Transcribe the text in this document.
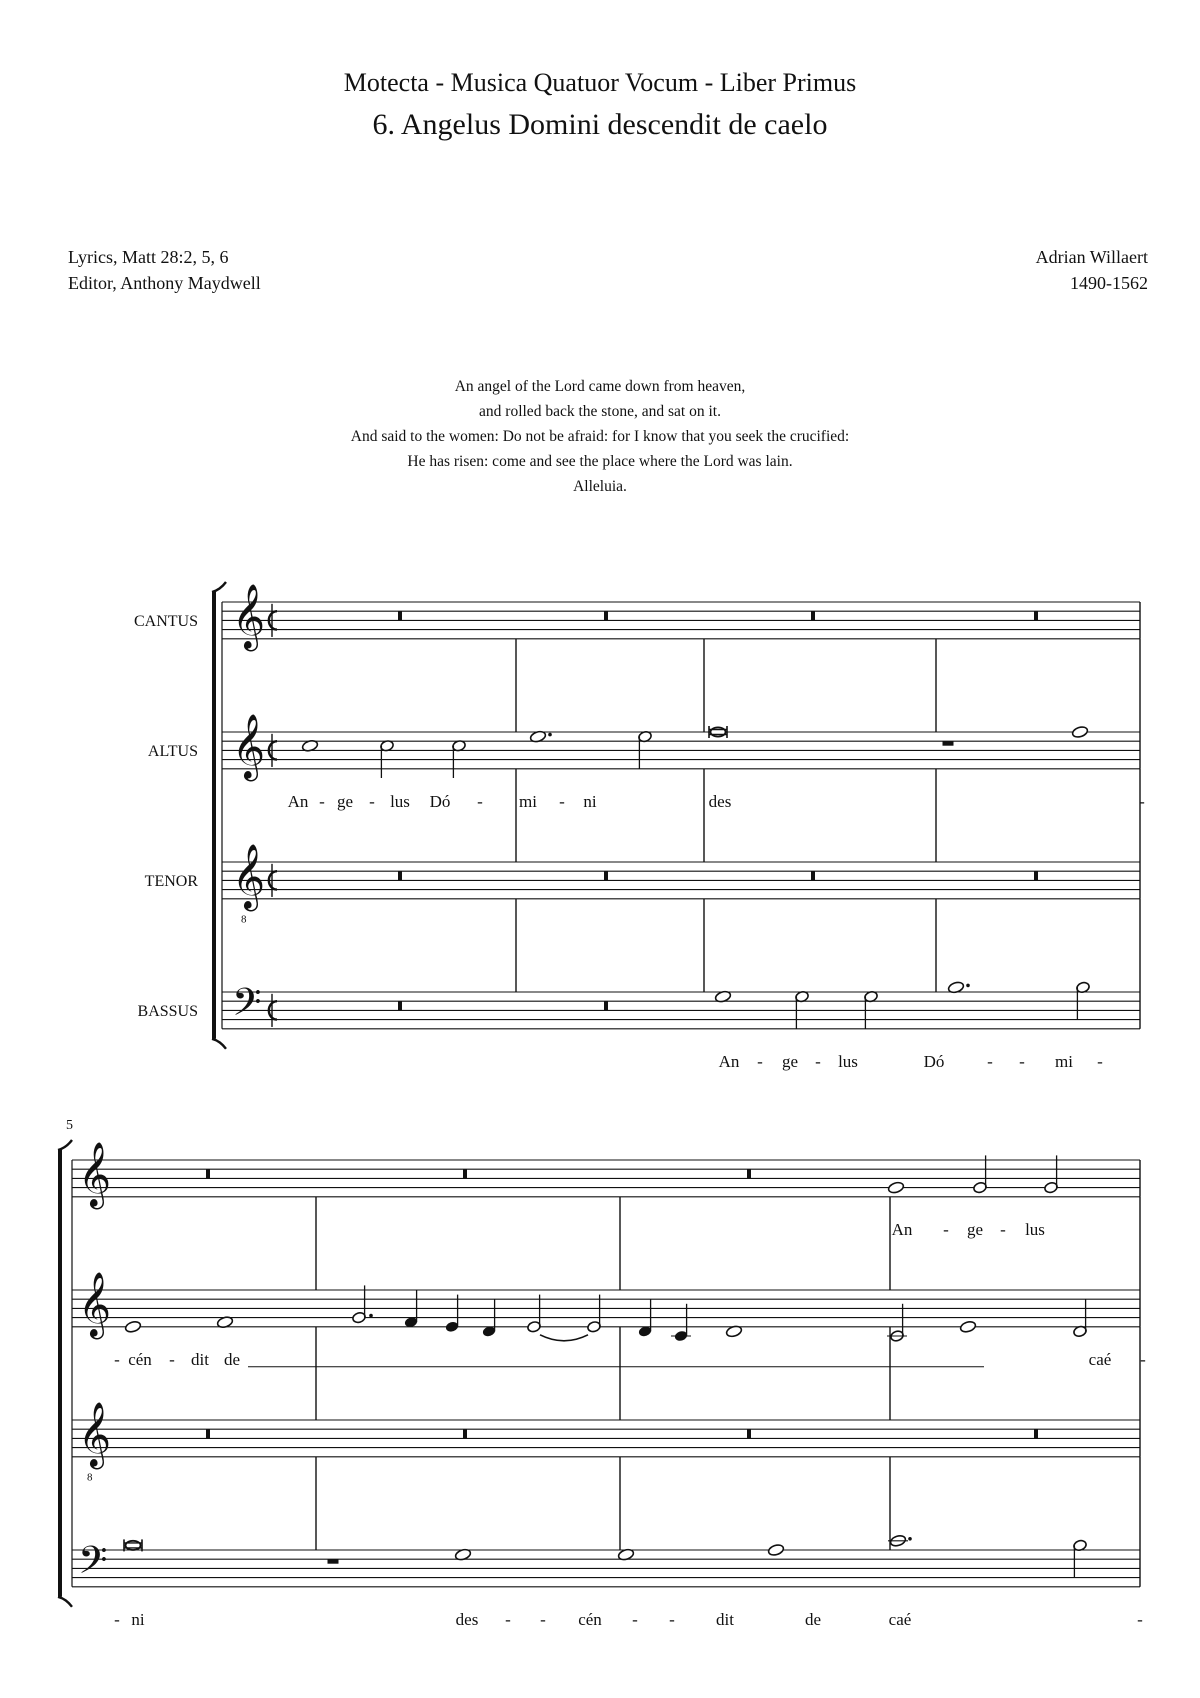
Motecta - Musica Quatuor Vocum - Liber Primus
6. Angelus Domini descendit de caelo
Lyrics, Matt 28:2, 5, 6
Editor, Anthony Maydwell
Adrian Willaert
1490-1562
An angel of the Lord came down from heaven,
and rolled back the stone, and sat on it.
And said to the women: Do not be afraid: for I know that you seek the crucified:
He has risen: come and see the place where the Lord was lain.
Alleluia.
CANTUS
ALTUS
TENOR
BASSUS
5
𝄞
𝄞
An - ge - lus Dó - mi - ni	des	-
𝄞
8
𝄢
An - ge - lus	Dó	- - mi -
𝄞
An - ge - lus
𝄞
- cén - dit de	caé -
𝄞
8
𝄢
- ni	des - - cén - - dit	de	caé	-
